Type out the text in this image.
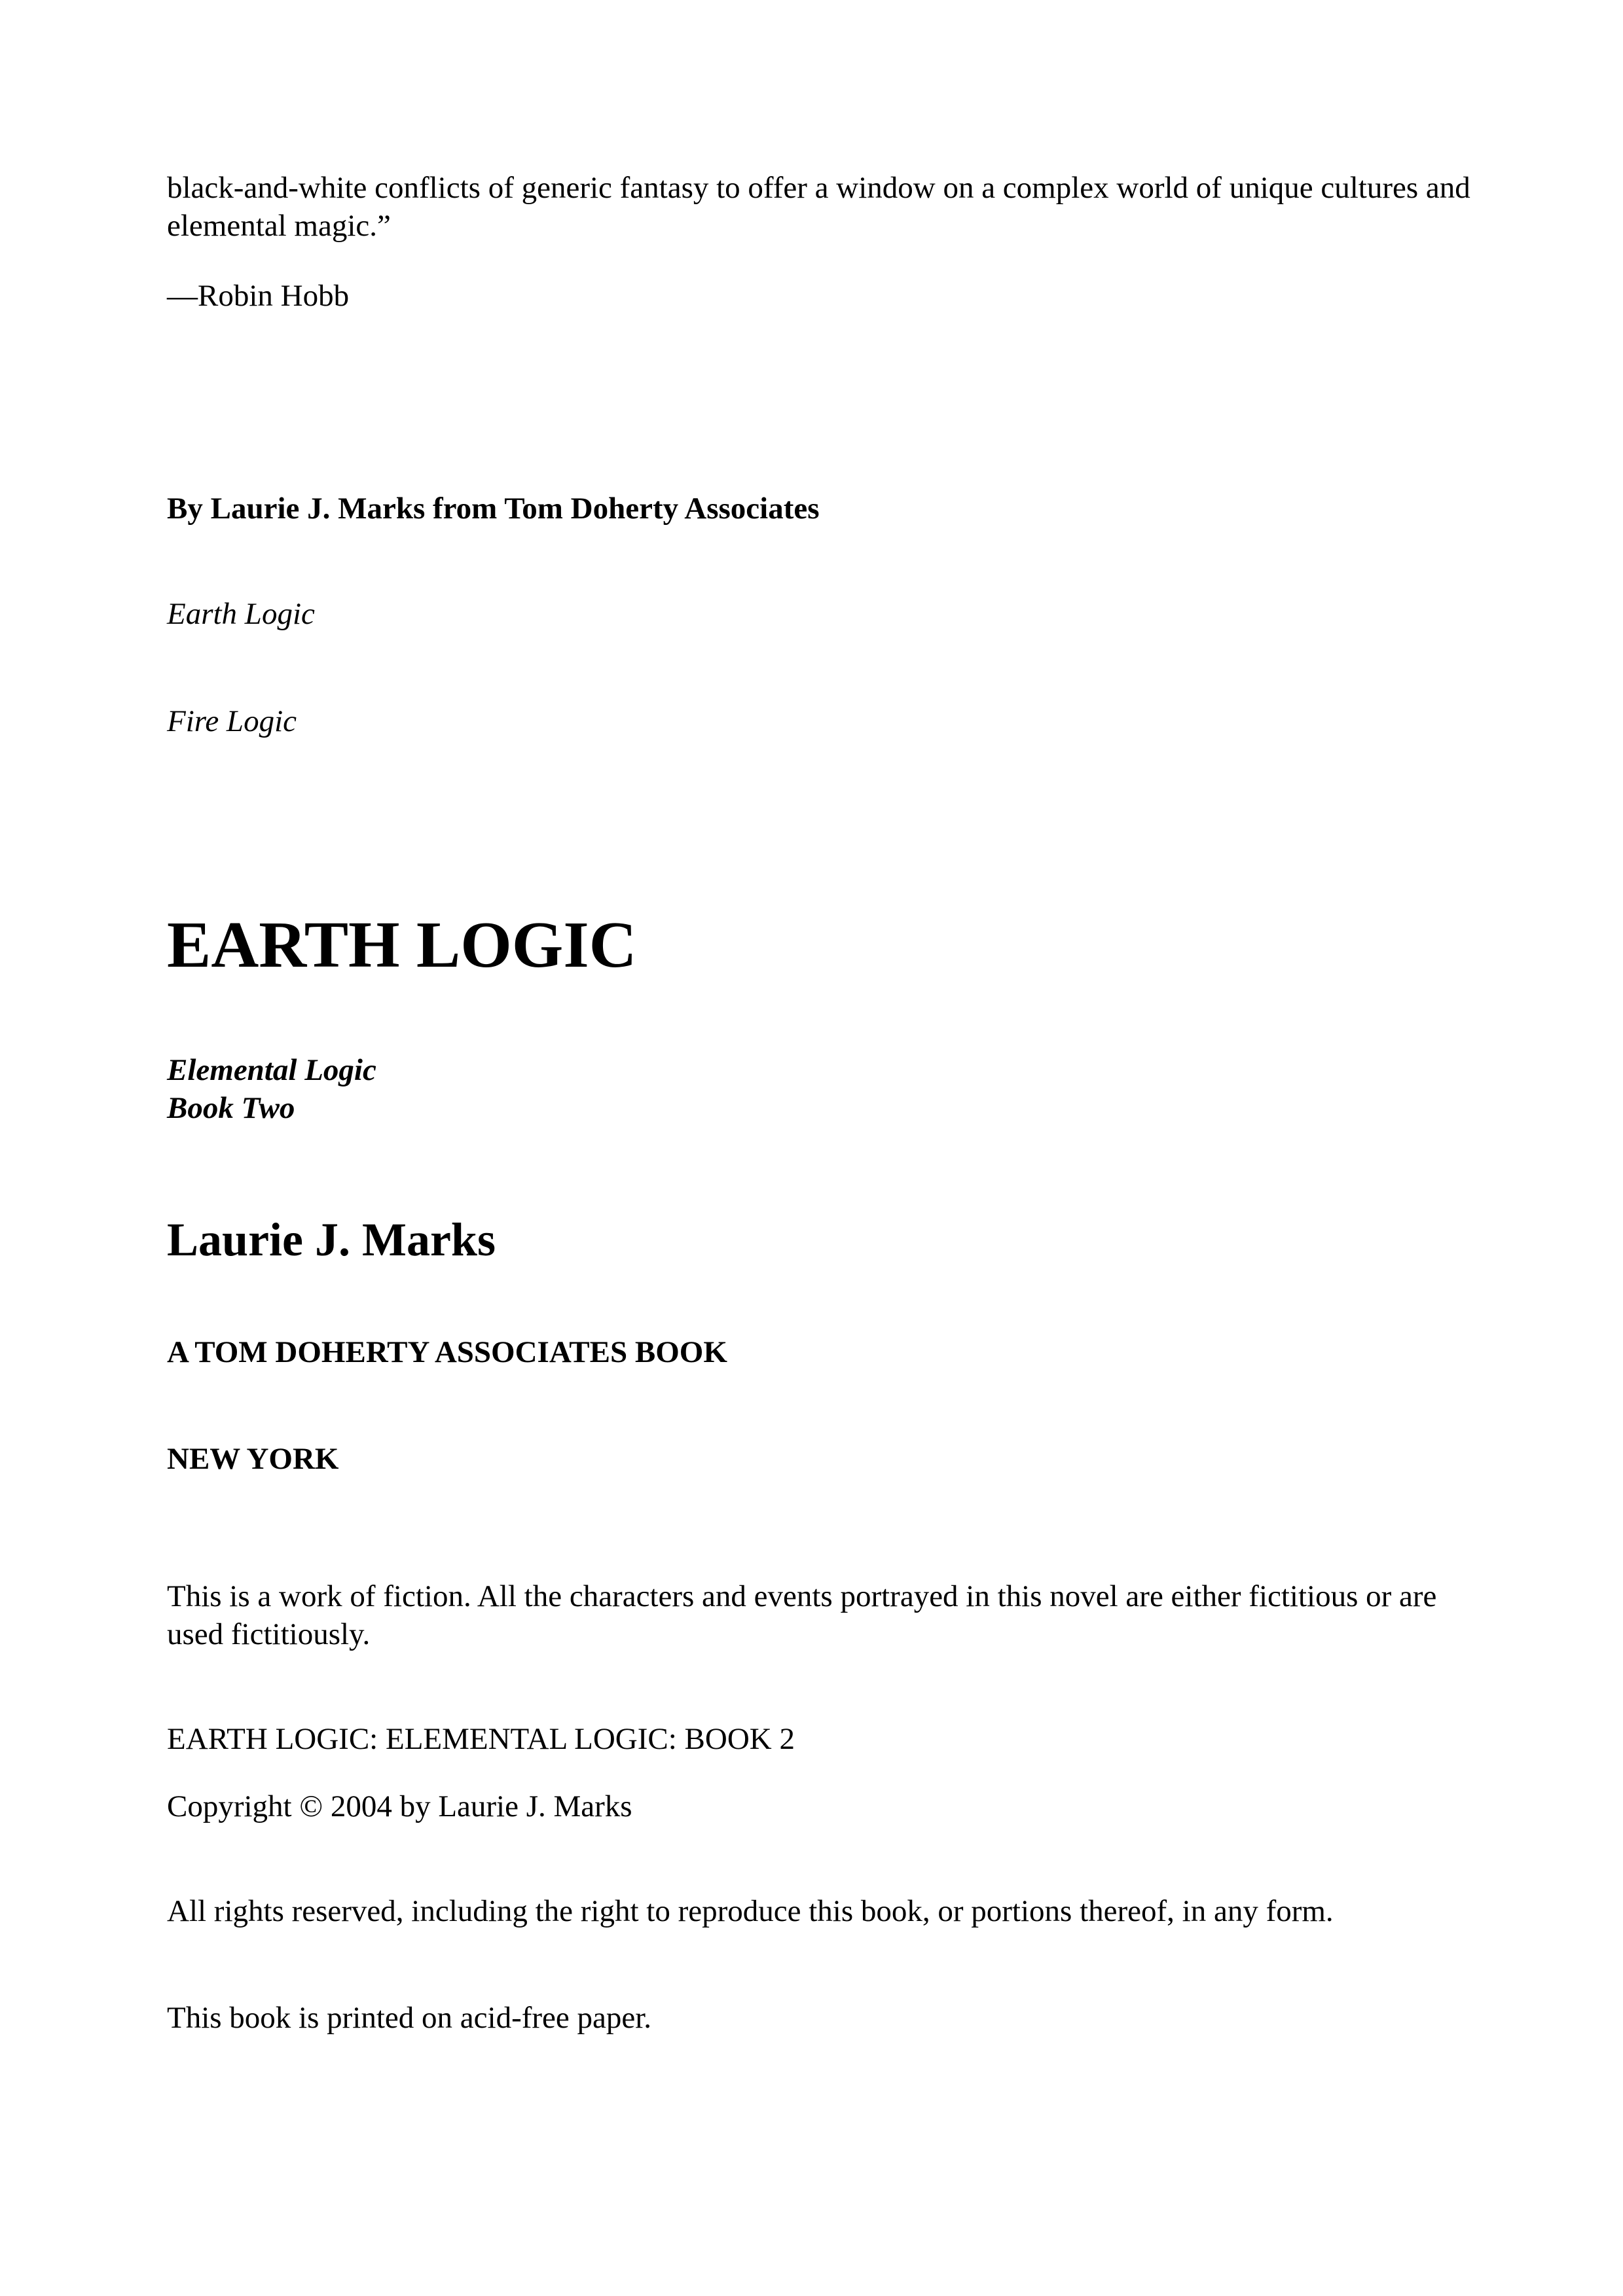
black-and-white conflicts of generic fantasy to offer a window on a complex world of unique cultures and

elemental magic.”

—Robin Hobb

By Laurie J. Marks from Tom Doherty Associates

Earth Logic

Fire Logic

EARTH LOGIC

Elemental Logic

Book Two

Laurie J. Marks

A TOM DOHERTY ASSOCIATES BOOK

NEW YORK

This is a work of fiction. All the characters and events portrayed in this novel are either fictitious or are

used fictitiously.

EARTH LOGIC: ELEMENTAL LOGIC: BOOK 2

Copyright © 2004 by Laurie J. Marks

All rights reserved, including the right to reproduce this book, or portions thereof, in any form.

This book is printed on acid-free paper.
